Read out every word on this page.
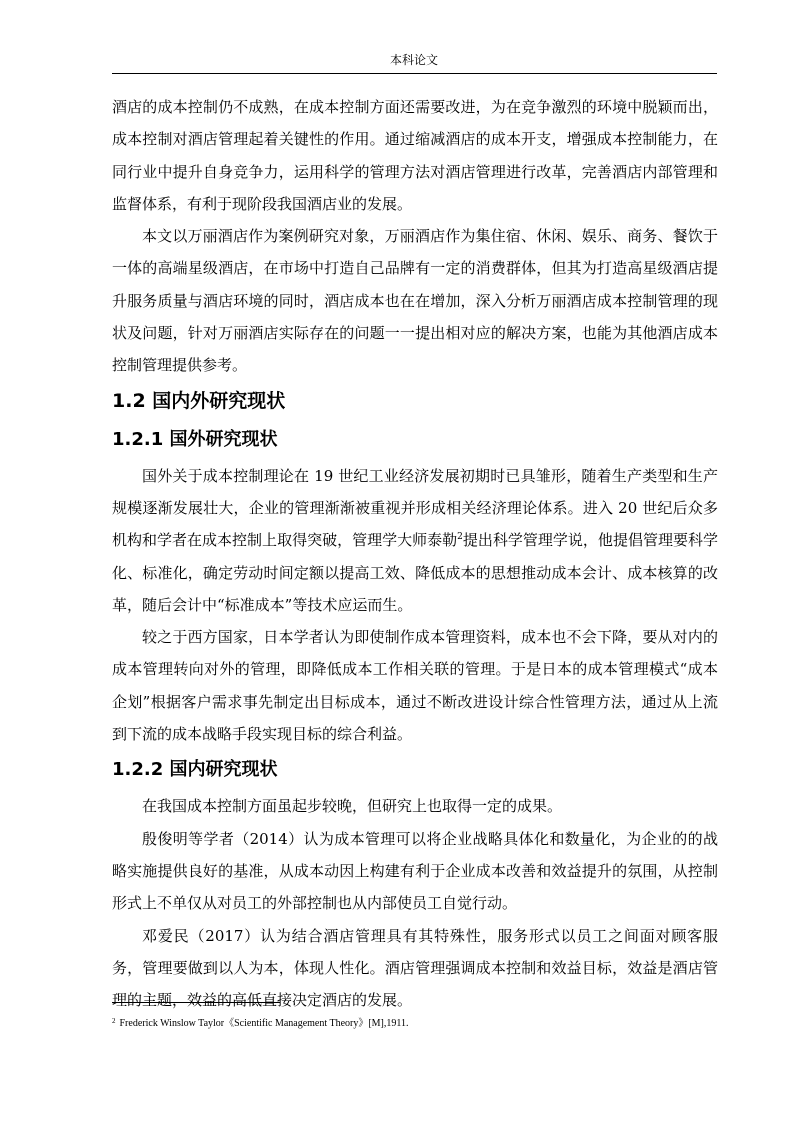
本科论文

酒店的成本控制仍不成熟，在成本控制方面还需要改进，为在竞争激烈的环境中脱颖而出，成本控制对酒店管理起着关键性的作用。通过缩减酒店的成本开支，增强成本控制能力，在同行业中提升自身竞争力，运用科学的管理方法对酒店管理进行改革，完善酒店内部管理和监督体系，有利于现阶段我国酒店业的发展。

本文以万丽酒店作为案例研究对象，万丽酒店作为集住宿、休闲、娱乐、商务、餐饮于一体的高端星级酒店，在市场中打造自己品牌有一定的消费群体，但其为打造高星级酒店提升服务质量与酒店环境的同时，酒店成本也在在增加，深入分析万丽酒店成本控制管理的现状及问题，针对万丽酒店实际存在的问题一一提出相对应的解决方案，也能为其他酒店成本控制管理提供参考。

1.2 国内外研究现状
1.2.1 国外研究现状

国外关于成本控制理论在 19 世纪工业经济发展初期时已具雏形，随着生产类型和生产规模逐渐发展壮大，企业的管理渐渐被重视并形成相关经济理论体系。进入 20 世纪后众多机构和学者在成本控制上取得突破，管理学大师泰勒$^2$提出科学管理学说，他提倡管理要科学化、标准化，确定劳动时间定额以提高工效、降低成本的思想推动成本会计、成本核算的改革，随后会计中“标准成本”等技术应运而生。

较之于西方国家，日本学者认为即使制作成本管理资料，成本也不会下降，要从对内的成本管理转向对外的管理，即降低成本工作相关联的管理。于是日本的成本管理模式“成本企划”根据客户需求事先制定出目标成本，通过不断改进设计综合性管理方法，通过从上流到下流的成本战略手段实现目标的综合利益。

1.2.2 国内研究现状

在我国成本控制方面虽起步较晚，但研究上也取得一定的成果。

殷俊明等学者（2014）认为成本管理可以将企业战略具体化和数量化，为企业的的战略实施提供良好的基准，从成本动因上构建有利于企业成本改善和效益提升的氛围，从控制形式上不单仅从对员工的外部控制也从内部使员工自觉行动。

邓爱民（2017）认为结合酒店管理具有其特殊性，服务形式以员工之间面对顾客服务，管理要做到以人为本，体现人性化。酒店管理强调成本控制和效益目标，效益是酒店管理的主题，效益的高低直接决定酒店的发展。

$^2$ Frederick Winslow Taylor《Scientific Management Theory》[M],1911.
